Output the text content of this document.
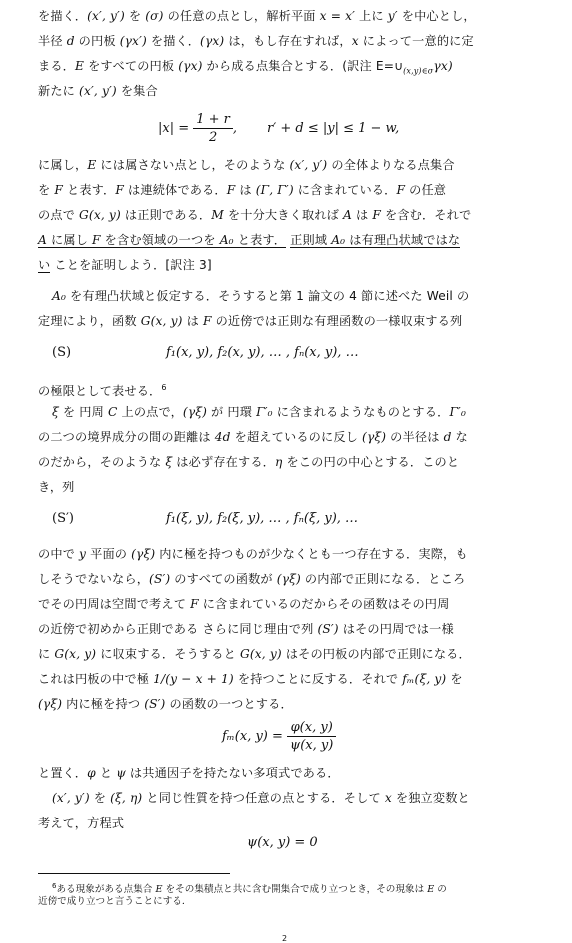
を描く．(x′, y′) を (σ) の任意の点とし，解析平面 x = x′ 上に y′ を中心とし，
半径 d の円板 (γx′) を描く．(γx) は，もし存在すれば，x によって一意的に定
まる．E をすべての円板 (γx) から成る点集合とする．(訳注 $E=\cup_{(x,y)\in\sigma}\gamma x$)
新たに (x′, y′) を集合
$|x| = \frac{1 + r}{2}$ , r′ + d ≤ |y| ≤ 1 − w,
に属し，E には属さない点とし，そのような (x′, y′) の全体よりなる点集合
を F と表す．F は連続体である．F は (Γ, Γ′) に含まれている．F の任意
の点で G(x, y) は正則である．M を十分大きく取れば A は F を含む．それで
A に属し F を含む領域の一つを A₀ と表す． 正則域 A₀ は有理凸状域ではな
い ことを証明しよう．[訳注 3]
A₀ を有理凸状域と仮定する．そうすると第 1 論文の 4 節に述べた Weil の
定理により，函数 G(x, y) は F の近傍では正則な有理函数の一様収束する列
(S)	f₁(x, y), f₂(x, y), … , fₙ(x, y), …
の極限として表せる．$^6$
ξ を 円周 C 上の点で，(γξ) が 円環 Γ′₀ に含まれるようなものとする．Γ′₀
の二つの境界成分の間の距離は 4d を超えているのに反し (γξ) の半径は d な
のだから，そのような ξ は必ず存在する．η をこの円の中心とする．このと
き，列
(S′)	f₁(ξ, y), f₂(ξ, y), … , fₙ(ξ, y), …
の中で y 平面の (γξ) 内に極を持つものが少なくとも一つ存在する．実際，も
しそうでないなら，(S′) のすべての函数が (γξ) の内部で正則になる．ところ
でその円周は空間で考えて F に含まれているのだからその函数はその円周
の近傍で初めから正則である さらに同じ理由で列 (S′) はその円周では一様
に G(x, y) に収束する．そうすると G(x, y) はその円板の内部で正則になる．
これは円板の中で極 1/(y − x + 1) を持つことに反する．それで fₘ(ξ, y) を
(γξ) 内に極を持つ (S′) の函数の一つとする．
fₘ(x, $y) = \frac{\varphi(x, y)}{\psi(x, y)}$
と置く．φ と ψ は共通因子を持たない多項式である．
(x′, y′) を (ξ, η) と同じ性質を持つ任意の点とする．そして x を独立変数と
考えて，方程式
ψ(x, y) = 0
$^6$ある現象がある点集合 E をその集積点と共に含む開集合で成り立つとき，その現象は E の
近傍で成り立つと言うことにする．
2
